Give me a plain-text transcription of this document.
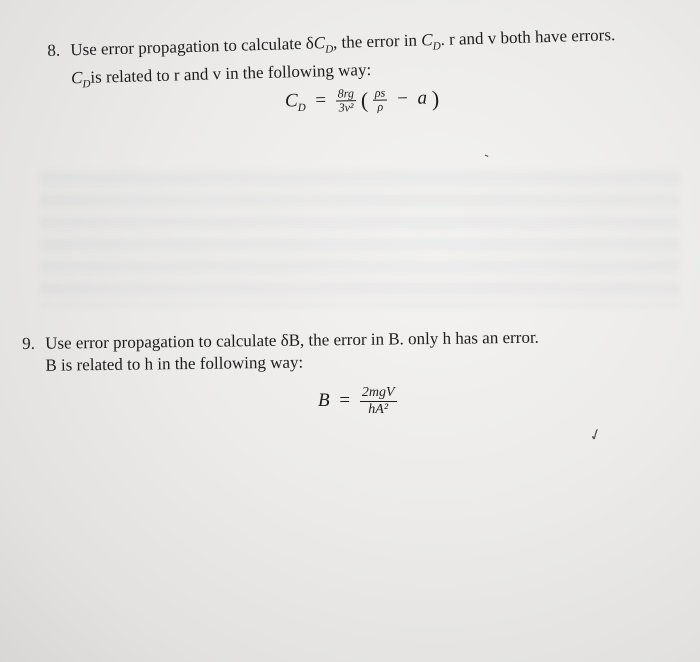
8. Use error propagation to calculate $\delta C_D$, the error in $C_D$. r and v both have errors.
$C_Dis$ related to r and v in the following way:
$C_D = \frac{8rg}{\text{3v²}}$ ( $\frac{\rho s}{\rho} - a$ )
‑
9. Use error propagation to calculate δB, the error in B. only h has an error.
B is related to h in the following way:
$B = \frac{\text{2mgV}}{\text{hA²}}$
✓
